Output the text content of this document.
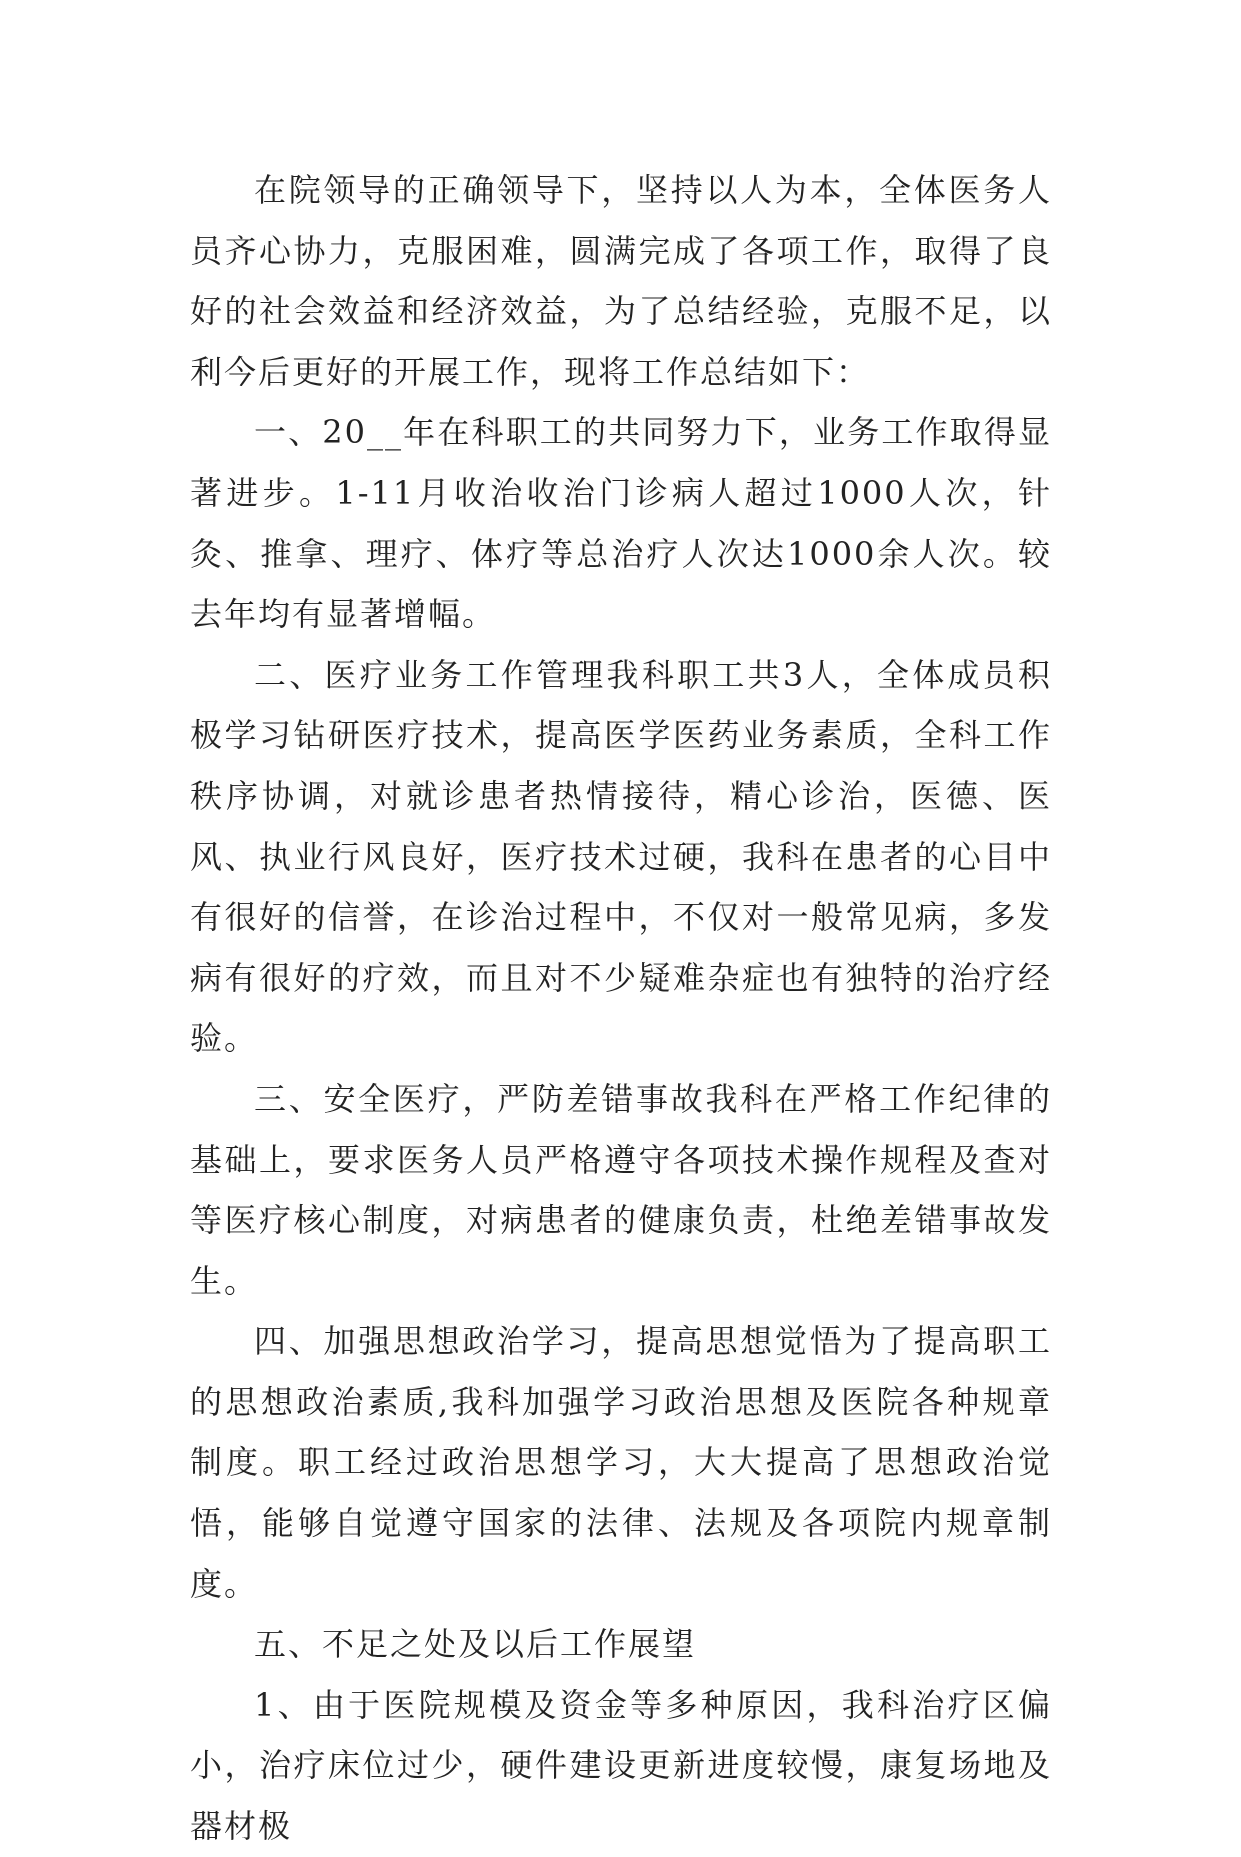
在院领导的正确领导下，坚持以人为本，全体医务人员齐心协力，克服困难，圆满完成了各项工作，取得了良好的社会效益和经济效益，为了总结经验，克服不足，以利今后更好的开展工作，现将工作总结如下：

一、20__年在科职工的共同努力下，业务工作取得显著进步。1-11月收治收治门诊病人超过1000人次，针灸、推拿、理疗、体疗等总治疗人次达1000余人次。较去年均有显著增幅。

二、医疗业务工作管理我科职工共3人，全体成员积极学习钻研医疗技术，提高医学医药业务素质，全科工作秩序协调，对就诊患者热情接待，精心诊治，医德、医风、执业行风良好，医疗技术过硬，我科在患者的心目中有很好的信誉，在诊治过程中，不仅对一般常见病，多发病有很好的疗效，而且对不少疑难杂症也有独特的治疗经验。

三、安全医疗，严防差错事故我科在严格工作纪律的基础上，要求医务人员严格遵守各项技术操作规程及查对等医疗核心制度，对病患者的健康负责，杜绝差错事故发生。

四、加强思想政治学习，提高思想觉悟为了提高职工的思想政治素质,我科加强学习政治思想及医院各种规章制度。职工经过政治思想学习，大大提高了思想政治觉悟，能够自觉遵守国家的法律、法规及各项院内规章制度。

五、不足之处及以后工作展望

1、由于医院规模及资金等多种原因，我科治疗区偏小，治疗床位过少，硬件建设更新进度较慢，康复场地及器材极
